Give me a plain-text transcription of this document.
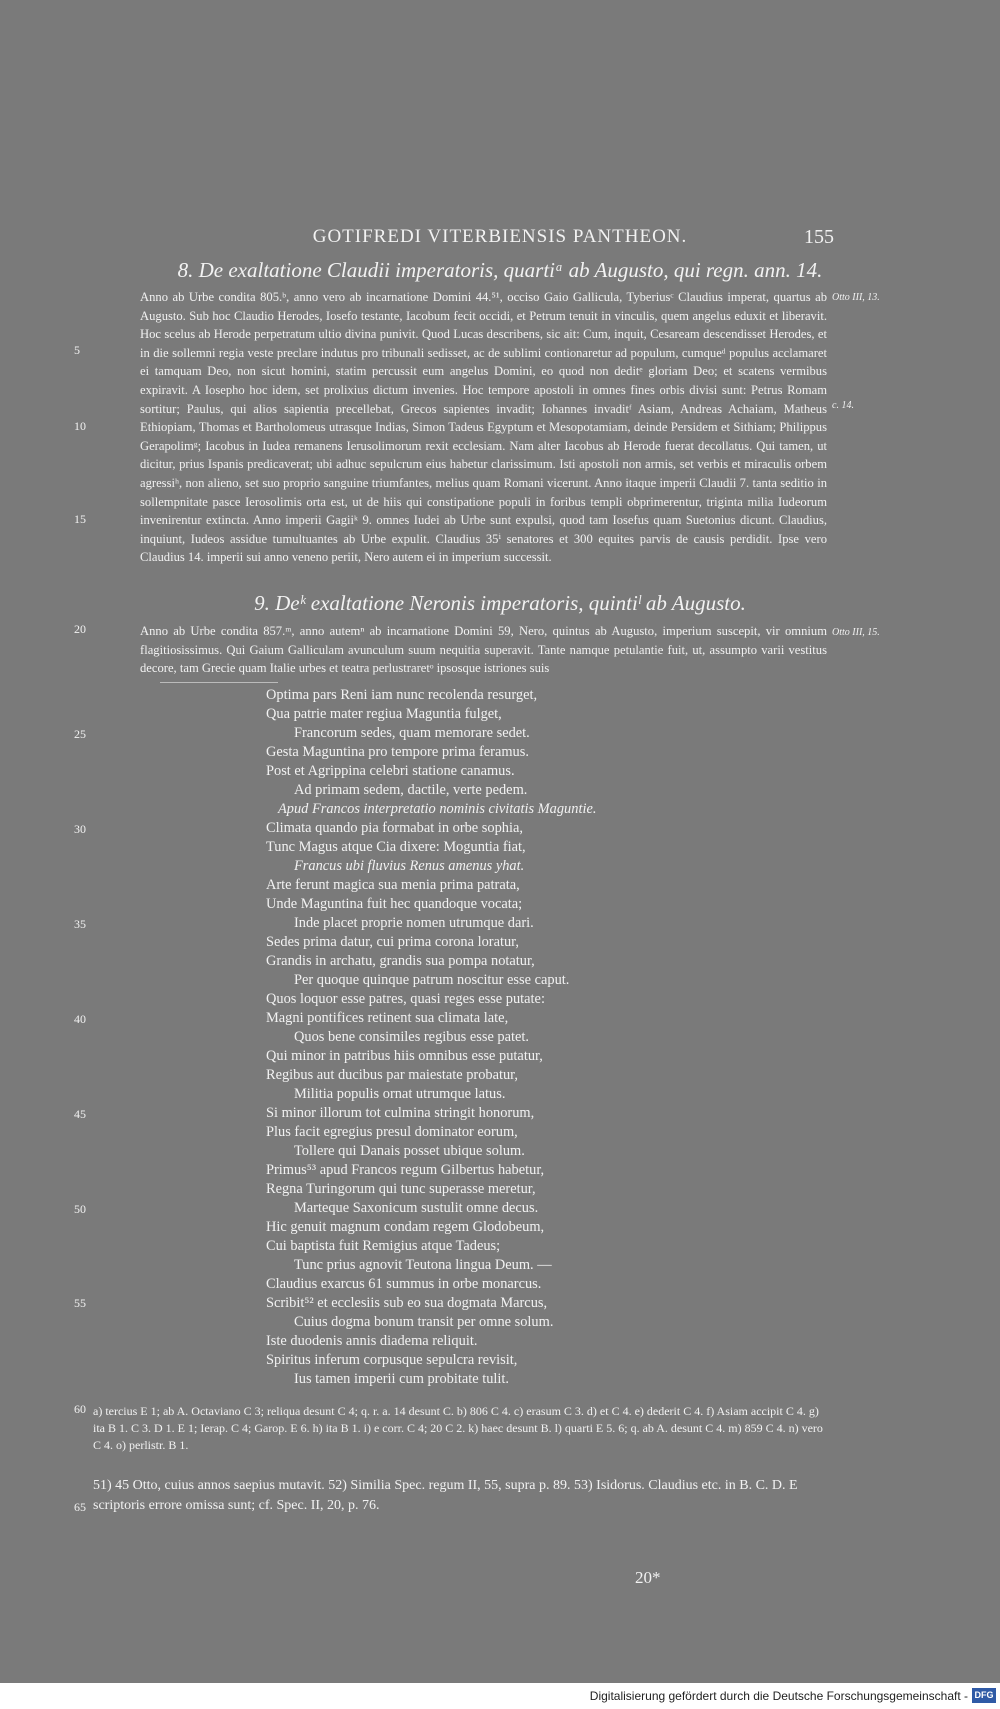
GOTIFREDI VITERBIENSIS PANTHEON.	155
8. De exaltatione Claudii imperatoris, quartiᵃ ab Augusto, qui regn. ann. 14.

Anno ab Urbe condita 805.ᵇ, anno vero ab incarnatione Domini 44.⁵¹, occiso Gaio Gallicula, Tyberiusᶜ Claudius imperat, quartus ab Augusto. Sub hoc Claudio Herodes, Iosefo testante, Iacobum fecit occidi, et Petrum tenuit in vinculis, quem angelus eduxit et liberavit. Hoc scelus ab Herode perpetratum ultio divina punivit. Quod Lucas describens, sic ait: Cum, inquit, Cesaream descendisset Herodes, et in die sollemni regia veste preclare indutus pro tribunali sedisset, ac de sublimi contionaretur ad populum, cumqueᵈ populus acclamaret ei tamquam Deo, non sicut homini, statim percussit eum angelus Domini, eo quod non deditᵉ gloriam Deo; et scatens vermibus expiravit. A Iosepho hoc idem, set prolixius dictum invenies. Hoc tempore apostoli in omnes fines orbis divisi sunt: Petrus Romam sortitur; Paulus, qui alios sapientia precellebat, Grecos sapientes invadit; Iohannes invaditᶠ Asiam, Andreas Achaiam, Matheus Ethiopiam, Thomas et Bartholomeus utrasque Indias, Simon Tadeus Egyptum et Mesopotamiam, deinde Persidem et Sithiam; Philippus Gerapolimᵍ; Iacobus in Iudea remanens Ierusolimorum rexit ecclesiam. Nam alter Iacobus ab Herode fuerat decollatus. Qui tamen, ut dicitur, prius Ispanis predicaverat; ubi adhuc sepulcrum eius habetur clarissimum. Isti apostoli non armis, set verbis et miraculis orbem agressiʰ, non alieno, set suo proprio sanguine triumfantes, melius quam Romani vicerunt. Anno itaque imperii Claudii 7. tanta seditio in sollempnitate pasce Ierosolimis orta est, ut de hiis qui constipatione populi in foribus templi obprimerentur, triginta milia Iudeorum invenirentur extincta. Anno imperii Gagiiᵏ 9. omnes Iudei ab Urbe sunt expulsi, quod tam Iosefus quam Suetonius dicunt. Claudius, inquiunt, Iudeos assidue tumultuantes ab Urbe expulit. Claudius 35ⁱ senatores et 300 equites parvis de causis perdidit. Ipse vero Claudius 14. imperii sui anno veneno periit, Nero autem ei in imperium successit.

9. Deᵏ exaltatione Neronis imperatoris, quintiˡ ab Augusto.

Anno ab Urbe condita 857.ᵐ, anno autemⁿ ab incarnatione Domini 59, Nero, quintus ab Augusto, imperium suscepit, vir omnium flagitiosissimus. Qui Gaium Galliculam avunculum suum nequitia superavit. Tante namque petulantie fuit, ut, assumpto varii vestitus decore, tam Grecie quam Italie urbes et teatra perlustraretᵒ ipsosque istriones suis

Otto III, 13.
c. 14.
Otto III, 15.
5
10
15
20
25
30
35
40
45
50
55
60
65
Optima pars Reni iam nunc recolenda resurget,
Qua patrie mater regiua Maguntia fulget,
Francorum sedes, quam memorare sedet.
Gesta Maguntina pro tempore prima feramus.
Post et Agrippina celebri statione canamus.
Ad primam sedem, dactile, verte pedem.
Apud Francos interpretatio nominis civitatis Maguntie.
Climata quando pia formabat in orbe sophia,
Tunc Magus atque Cia dixere: Moguntia fiat,
Francus ubi fluvius Renus amenus yhat.
Arte ferunt magica sua menia prima patrata,
Unde Maguntina fuit hec quandoque vocata;
Inde placet proprie nomen utrumque dari.
Sedes prima datur, cui prima corona loratur,
Grandis in archatu, grandis sua pompa notatur,
Per quoque quinque patrum noscitur esse caput.
Quos loquor esse patres, quasi reges esse putate:
Magni pontifices retinent sua climata late,
Quos bene consimiles regibus esse patet.
Qui minor in patribus hiis omnibus esse putatur,
Regibus aut ducibus par maiestate probatur,
Militia populis ornat utrumque latus.
Si minor illorum tot culmina stringit honorum,
Plus facit egregius presul dominator eorum,
Tollere qui Danais posset ubique solum.
Primus⁵³ apud Francos regum Gilbertus habetur,
Regna Turingorum qui tunc superasse meretur,
Marteque Saxonicum sustulit omne decus.
Hic genuit magnum condam regem Glodobeum,
Cui baptista fuit Remigius atque Tadeus;
Tunc prius agnovit Teutona lingua Deum. —
Claudius exarcus 61 summus in orbe monarcus.
Scribit⁵² et ecclesiis sub eo sua dogmata Marcus,
Cuius dogma bonum transit per omne solum.
Iste duodenis annis diadema reliquit.
Spiritus inferum corpusque sepulcra revisit,
Ius tamen imperii cum probitate tulit.
a) tercius E 1; ab A. Octaviano C 3; reliqua desunt C 4; q. r. a. 14 desunt C. b) 806 C 4. c) erasum C 3. d) et C 4. e) dederit C 4. f) Asiam accipit C 4. g) ita B 1. C 3. D 1. E 1; Ierap. C 4; Garop. E 6. h) ita B 1. i) e corr. C 4; 20 C 2. k) haec desunt B. l) quarti E 5. 6; q. ab A. desunt C 4. m) 859 C 4. n) vero C 4. o) perlistr. B 1.
51) 45 Otto, cuius annos saepius mutavit. 52) Similia Spec. regum II, 55, supra p. 89. 53) Isidorus. Claudius etc. in B. C. D. E scriptoris errore omissa sunt; cf. Spec. II, 20, p. 76.
20*
Digitalisierung gefördert durch die Deutsche Forschungsgemeinschaft - DFG
